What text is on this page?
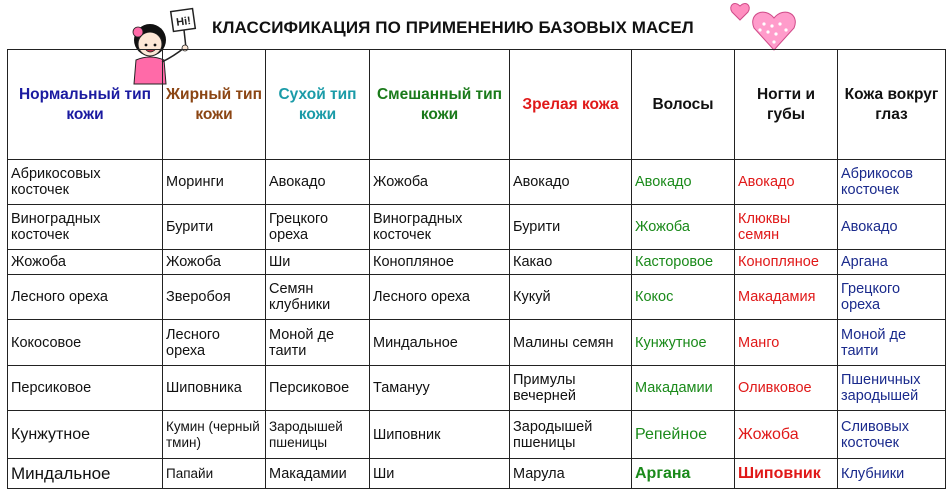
Hi! КЛАССИФИКАЦИЯ ПО ПРИМЕНЕНИЮ БАЗОВЫХ МАСЕЛ
Нормальный тип кожи	Жирный тип кожи	Сухой тип кожи	Смешанный тип кожи	Зрелая кожа	Волосы	Ногти и губы	Кожа вокруг глаз
Абрикосовых косточек	Моринги	Авокадо	Жожоба	Авокадо	Авокадо	Авокадо	Абрикосов косточек
Виноградных косточек	Бурити	Грецкого ореха	Виноградных косточек	Бурити	Жожоба	Клюквы семян	Авокадо
Жожоба	Жожоба	Ши	Конопляное	Какао	Касторовое	Конопляное	Аргана
Лесного ореха	Зверобоя	Семян клубники	Лесного ореха	Кукуй	Кокос	Макадамия	Грецкого ореха
Кокосовое	Лесного ореха	Моной де таити	Миндальное	Малины семян	Кунжутное	Манго	Моной де таити
Персиковое	Шиповника	Персиковое	Тамануу	Примулы вечерней	Макадамии	Оливковое	Пшеничных зародышей
Кунжутное	Кумин (черный тмин)	Зародышей пшеницы	Шиповник	Зародышей пшеницы	Репейное	Жожоба	Сливовых косточек
Миндальное	Папайи	Макадамии	Ши	Марула	Аргана	Шиповник	Клубники
